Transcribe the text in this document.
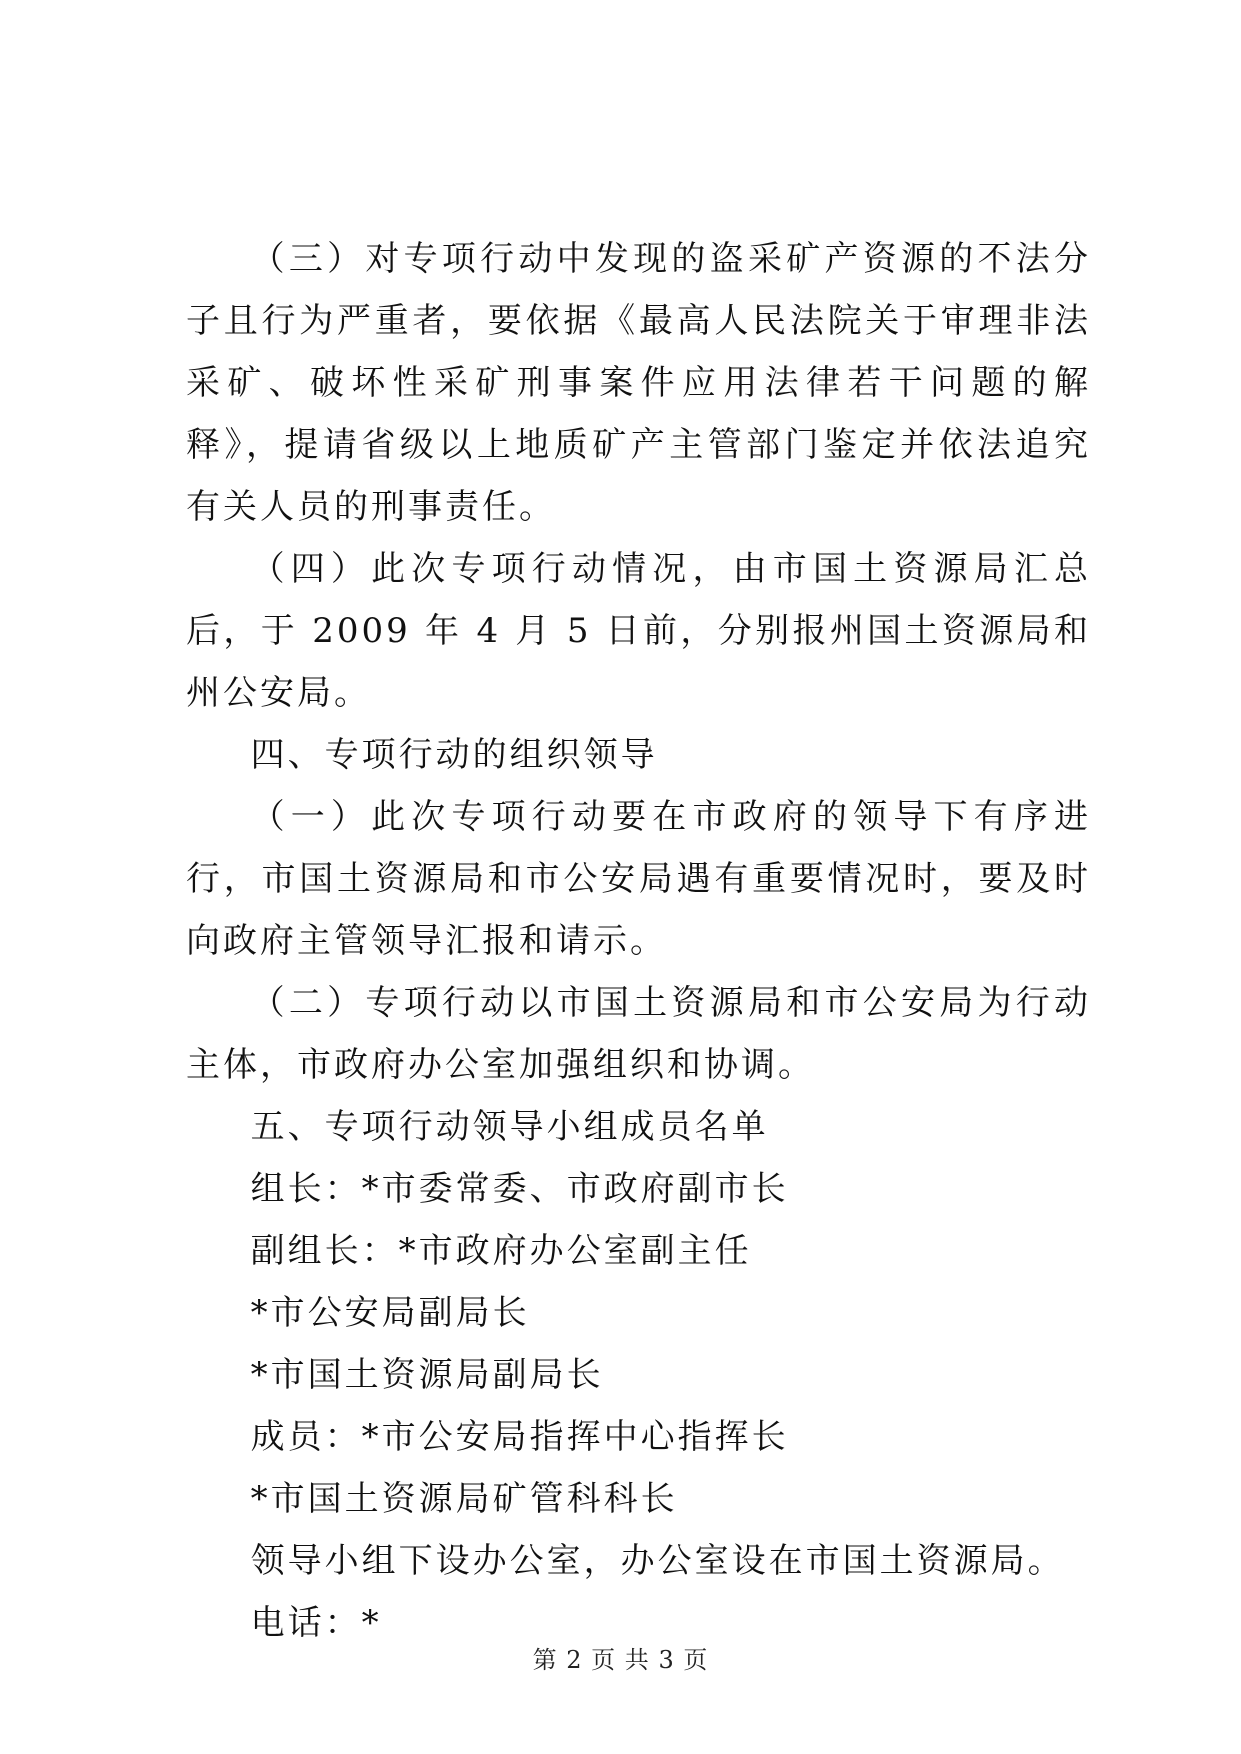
（三）对专项行动中发现的盗采矿产资源的不法分子且行为严重者，要依据《最高人民法院关于审理非法采矿、破坏性采矿刑事案件应用法律若干问题的解释》，提请省级以上地质矿产主管部门鉴定并依法追究有关人员的刑事责任。

（四）此次专项行动情况，由市国土资源局汇总后，于 2009 年 4 月 5 日前，分别报州国土资源局和州公安局。

四、专项行动的组织领导

（一）此次专项行动要在市政府的领导下有序进行，市国土资源局和市公安局遇有重要情况时，要及时向政府主管领导汇报和请示。

（二）专项行动以市国土资源局和市公安局为行动主体，市政府办公室加强组织和协调。

五、专项行动领导小组成员名单

组长：*市委常委、市政府副市长

副组长：*市政府办公室副主任

*市公安局副局长

*市国土资源局副局长

成员：*市公安局指挥中心指挥长

*市国土资源局矿管科科长

领导小组下设办公室，办公室设在市国土资源局。

电话：*

第 2 页 共 3 页
